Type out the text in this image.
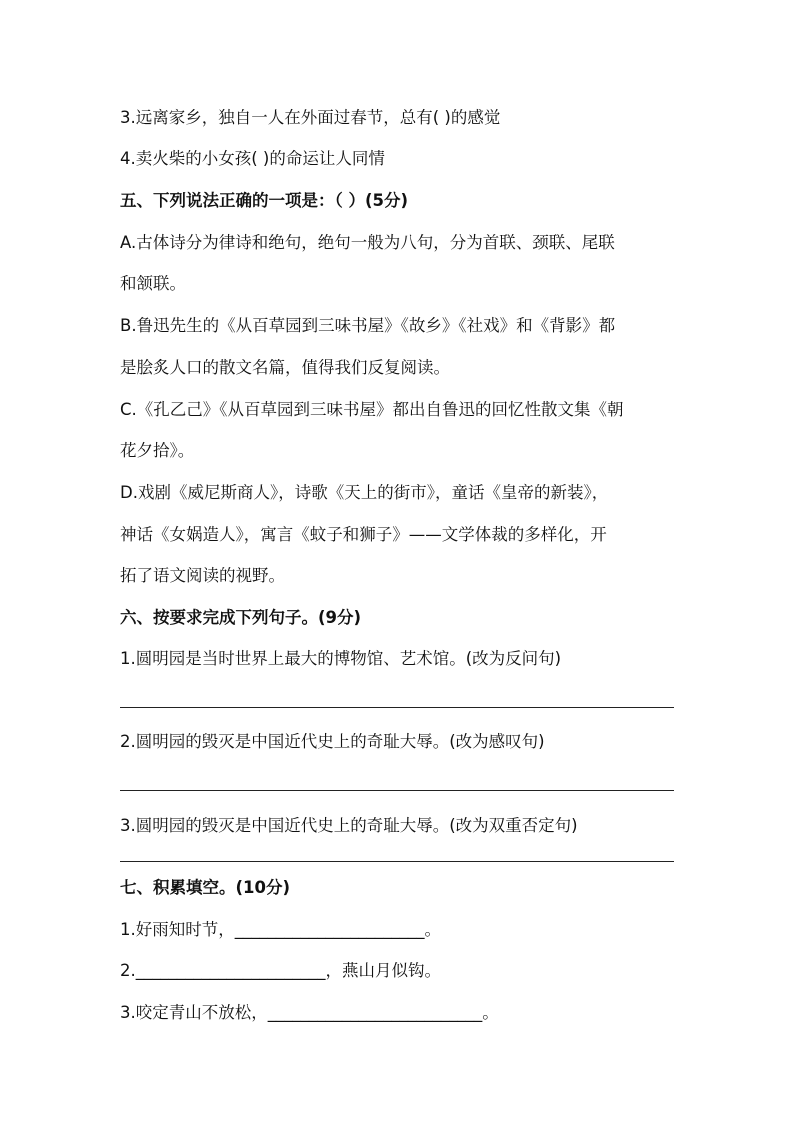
3.远离家乡，独自一人在外面过春节，总有( )的感觉
4.卖火柴的小女孩( )的命运让人同情
五、下列说法正确的一项是：（ ）(5分)
A.古体诗分为律诗和绝句，绝句一般为八句，分为首联、颈联、尾联
和颔联。
B.鲁迅先生的《从百草园到三味书屋》《故乡》《社戏》和《背影》都
是脍炙人口的散文名篇，值得我们反复阅读。
C.《孔乙己》《从百草园到三味书屋》都出自鲁迅的回忆性散文集《朝
花夕拾》。
D.戏剧《威尼斯商人》，诗歌《天上的街市》，童话《皇帝的新装》，
神话《女娲造人》，寓言《蚊子和狮子》——文学体裁的多样化，开
拓了语文阅读的视野。
六、按要求完成下列句子。(9分)
1.圆明园是当时世界上最大的博物馆、艺术馆。(改为反问句)
2.圆明园的毁灭是中国近代史上的奇耻大辱。(改为感叹句)
3.圆明园的毁灭是中国近代史上的奇耻大辱。(改为双重否定句)
七、积累填空。(10分)
1.好雨知时节，_______________________。
2._______________________，燕山月似钩。
3.咬定青山不放松，__________________________。
